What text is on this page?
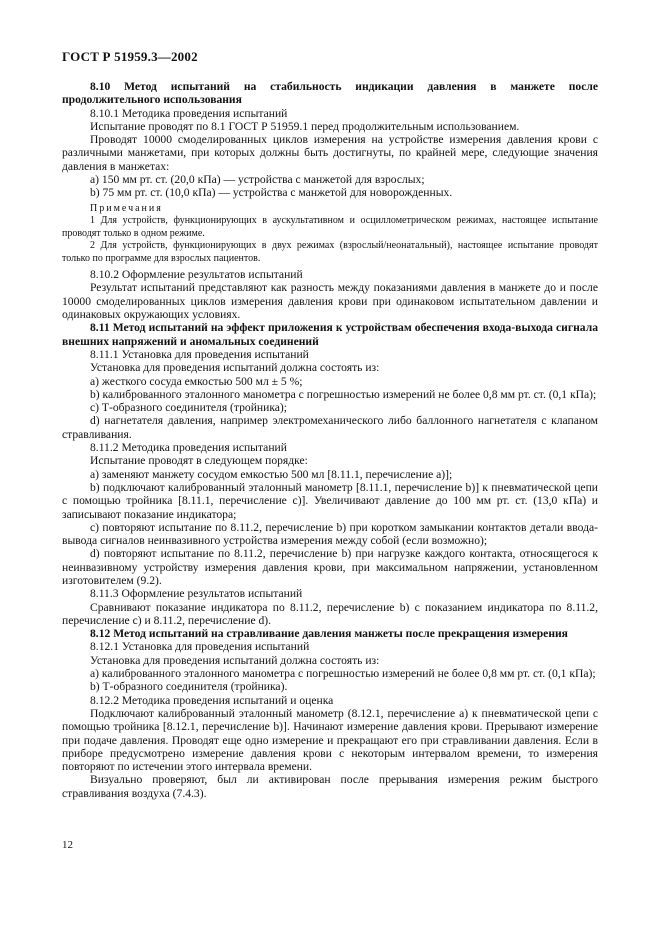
ГОСТ Р 51959.3—2002

8.10 Метод испытаний на стабильность индикации давления в манжете после продолжительного использования

8.10.1 Методика проведения испытаний

Испытание проводят по 8.1 ГОСТ Р 51959.1 перед продолжительным использованием.

Проводят 10000 смоделированных циклов измерения на устройстве измерения давления крови с различными манжетами, при которых должны быть достигнуты, по крайней мере, следующие значения давления в манжетах:

a) 150 мм рт. ст. (20,0 кПа) — устройства с манжетой для взрослых;

b) 75 мм рт. ст. (10,0 кПа) — устройства с манжетой для новорожденных.

Примечания

1 Для устройств, функционирующих в аускультативном и осциллометрическом режимах, настоящее испытание проводят только в одном режиме.

2 Для устройств, функционирующих в двух режимах (взрослый/неонатальный), настоящее испытание проводят только по программе для взрослых пациентов.

8.10.2 Оформление результатов испытаний

Результат испытаний представляют как разность между показаниями давления в манжете до и после 10000 смоделированных циклов измерения давления крови при одинаковом испытательном давлении и одинаковых окружающих условиях.

8.11 Метод испытаний на эффект приложения к устройствам обеспечения входа-выхода сигнала внешних напряжений и аномальных соединений

8.11.1 Установка для проведения испытаний

Установка для проведения испытаний должна состоять из:

a) жесткого сосуда емкостью 500 мл ± 5 %;

b) калиброванного эталонного манометра с погрешностью измерений не более 0,8 мм рт. ст. (0,1 кПа);

c) Т-образного соединителя (тройника);

d) нагнетателя давления, например электромеханического либо баллонного нагнетателя с клапаном стравливания.

8.11.2 Методика проведения испытаний

Испытание проводят в следующем порядке:

a) заменяют манжету сосудом емкостью 500 мл [8.11.1, перечисление a)];

b) подключают калиброванный эталонный манометр [8.11.1, перечисление b)] к пневматической цепи с помощью тройника [8.11.1, перечисление с)]. Увеличивают давление до 100 мм рт. ст. (13,0 кПа) и записывают показание индикатора;

c) повторяют испытание по 8.11.2, перечисление b) при коротком замыкании контактов детали ввода-вывода сигналов неинвазивного устройства измерения между собой (если возможно);

d) повторяют испытание по 8.11.2, перечисление b) при нагрузке каждого контакта, относящегося к неинвазивному устройству измерения давления крови, при максимальном напряжении, установленном изготовителем (9.2).

8.11.3 Оформление результатов испытаний

Сравнивают показание индикатора по 8.11.2, перечисление b) с показанием индикатора по 8.11.2, перечисление c) и 8.11.2, перечисление d).

8.12 Метод испытаний на стравливание давления манжеты после прекращения измерения

8.12.1 Установка для проведения испытаний

Установка для проведения испытаний должна состоять из:

a) калиброванного эталонного манометра с погрешностью измерений не более 0,8 мм рт. ст. (0,1 кПа);

b) Т-образного соединителя (тройника).

8.12.2 Методика проведения испытаний и оценка

Подключают калиброванный эталонный манометр (8.12.1, перечисление a) к пневматической цепи с помощью тройника [8.12.1, перечисление b)]. Начинают измерение давления крови. Прерывают измерение при подаче давления. Проводят еще одно измерение и прекращают его при стравливании давления. Если в приборе предусмотрено измерение давления крови с некоторым интервалом времени, то измерения повторяют по истечении этого интервала времени.

Визуально проверяют, был ли активирован после прерывания измерения режим быстрого стравливания воздуха (7.4.3).

12
